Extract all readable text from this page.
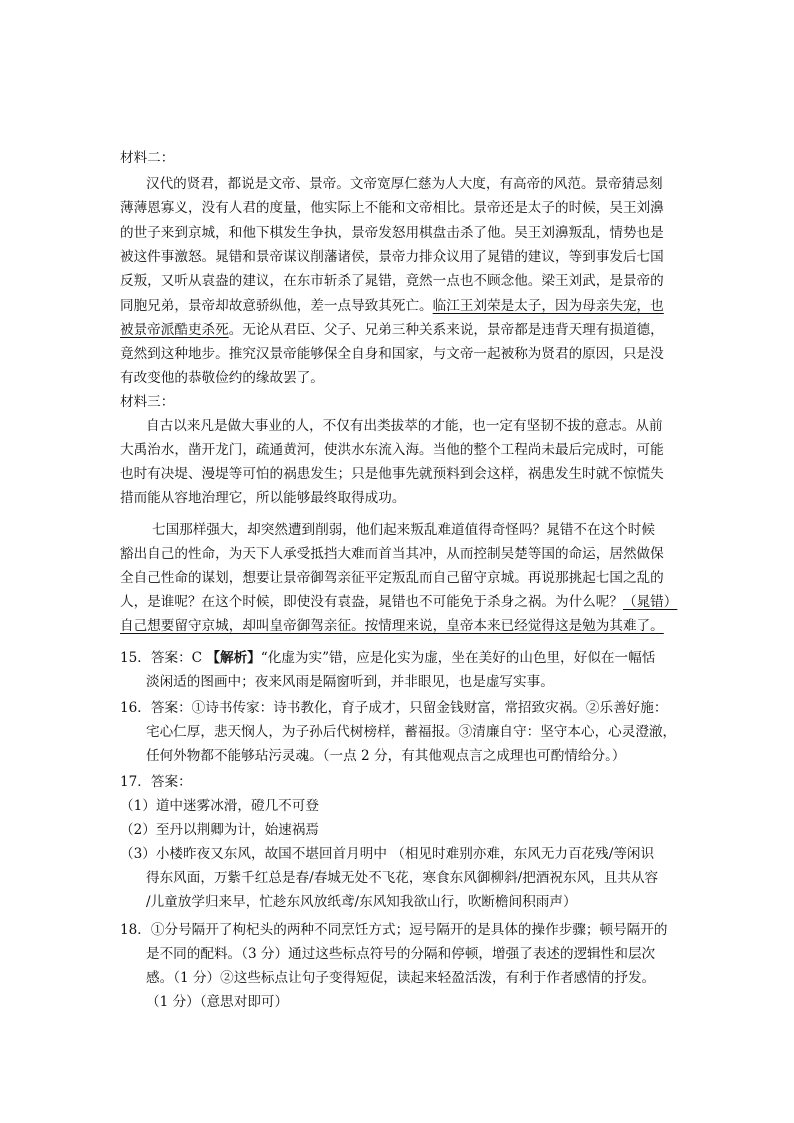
材料二：
汉代的贤君，都说是文帝、景帝。文帝宽厚仁慈为人大度，有高帝的风范。景帝猜忌刻
薄薄恩寡义，没有人君的度量，他实际上不能和文帝相比。景帝还是太子的时候，吴王刘濞
的世子来到京城，和他下棋发生争执，景帝发怒用棋盘击杀了他。吴王刘濞叛乱，情势也是
被这件事激怒。晁错和景帝谋议削藩诸侯，景帝力排众议用了晁错的建议，等到事发后七国
反叛，又听从袁盎的建议，在东市斩杀了晁错，竟然一点也不顾念他。梁王刘武，是景帝的
同胞兄弟，景帝却故意骄纵他，差一点导致其死亡。临江王刘荣是太子，因为母亲失宠，也
被景帝派酷吏杀死。无论从君臣、父子、兄弟三种关系来说，景帝都是违背天理有损道德，
竟然到这种地步。推究汉景帝能够保全自身和国家，与文帝一起被称为贤君的原因，只是没
有改变他的恭敬俭约的缘故罢了。
材料三：
自古以来凡是做大事业的人，不仅有出类拔萃的才能，也一定有坚韧不拔的意志。从前
大禹治水，凿开龙门，疏通黄河，使洪水东流入海。当他的整个工程尚未最后完成时，可能
也时有决堤、漫堤等可怕的祸患发生；只是他事先就预料到会这样，祸患发生时就不惊慌失
措而能从容地治理它，所以能够最终取得成功。
七国那样强大，却突然遭到削弱，他们起来叛乱难道值得奇怪吗？晁错不在这个时候
豁出自己的性命，为天下人承受抵挡大难而首当其冲，从而控制吴楚等国的命运，居然做保
全自己性命的谋划，想要让景帝御驾亲征平定叛乱而自己留守京城。再说那挑起七国之乱的
人，是谁呢？在这个时候，即使没有袁盎，晁错也不可能免于杀身之祸。为什么呢？（晁错）
自己想要留守京城，却叫皇帝御驾亲征。按情理来说，皇帝本来已经觉得这是勉为其难了。
15．答案：C 【解析】“化虚为实”错，应是化实为虚，坐在美好的山色里，好似在一幅恬
淡闲适的图画中；夜来风雨是隔窗听到，并非眼见，也是虚写实事。
16．答案：①诗书传家：诗书教化，育子成才，只留金钱财富，常招致灾祸。②乐善好施：
宅心仁厚，悲天悯人，为子孙后代树榜样，蓄福报。③清廉自守：坚守本心，心灵澄澈，
任何外物都不能够玷污灵魂。（一点 2 分，有其他观点言之成理也可酌情给分。）
17．答案：
（1）道中迷雾冰滑，磴几不可登
（2）至丹以荆卿为计，始速祸焉
（3）小楼昨夜又东风，故国不堪回首月明中 （相见时难别亦难，东风无力百花残/等闲识
得东风面，万紫千红总是春/春城无处不飞花，寒食东风御柳斜/把酒祝东风，且共从容
/儿童放学归来早，忙趁东风放纸鸢/东风知我欲山行，吹断檐间积雨声）
18．①分号隔开了枸杞头的两种不同烹饪方式；逗号隔开的是具体的操作步骤；顿号隔开的
是不同的配料。（3 分）通过这些标点符号的分隔和停顿，增强了表述的逻辑性和层次
感。（1 分）②这些标点让句子变得短促，读起来轻盈活泼，有利于作者感情的抒发。
（1 分）（意思对即可）
